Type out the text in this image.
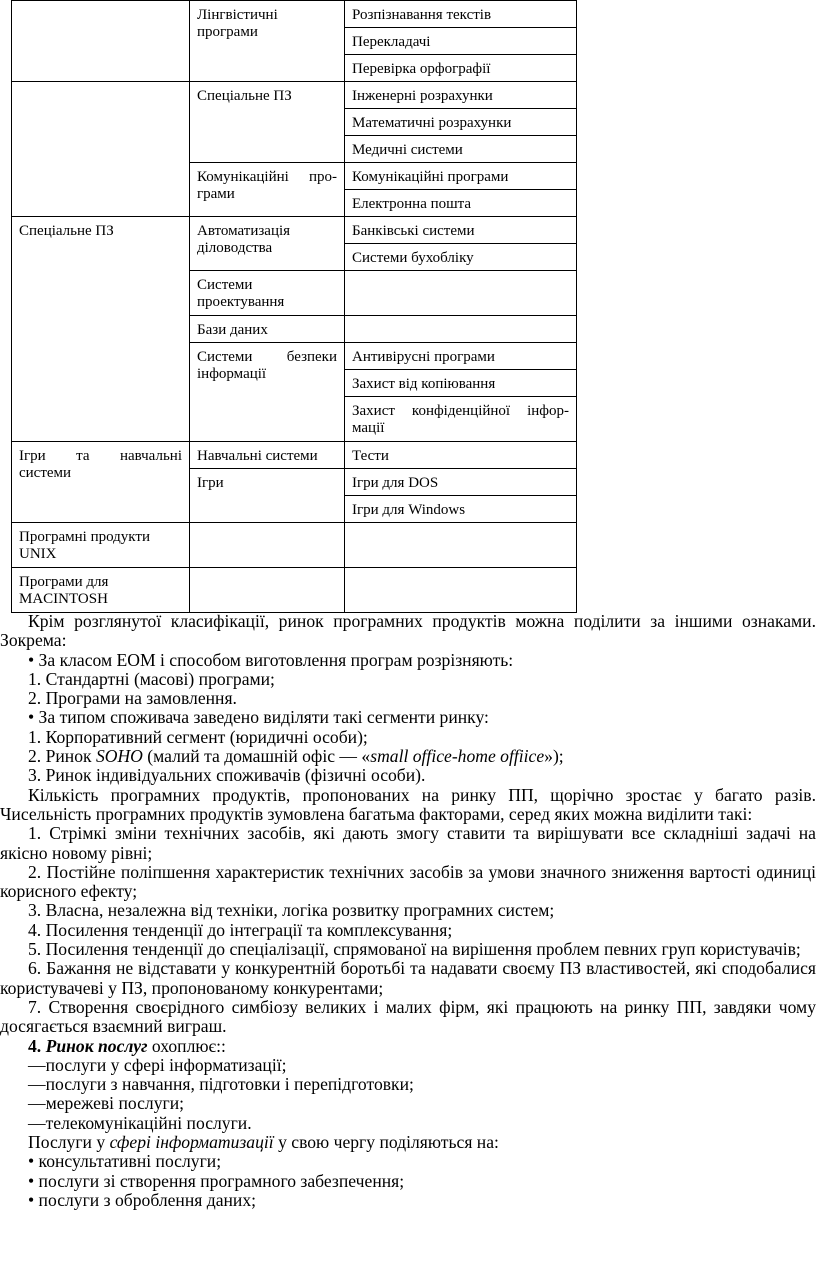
	Лінгвістичні програми	Розпізнавання текстів
		Перекладачі
		Перевірка орфографії
	Спеціальне ПЗ	Інженерні розрахунки
		Математичні розрахунки
		Медичні системи

	Комунікаційні про-грами	Комунікаційні програми
		Електронна пошта
Спеціальне ПЗ	Автоматизація діловодства	Банківські системи
		Системи бухобліку
	Системи проектування	
	Бази даних	

	Системи безпеки інформації	Антивірусні програми
		Захист від копіювання

		Захист конфіденційної інфор-мації

Ігри та навчальні системи	Навчальні системи	Тести
	Ігри	Ігри для DOS
		Ігри для Windows
Програмні продукти UNIX		
Програми для MACINTOSH		

Крім розглянутої класифікації, ринок програмних продуктів можна поділити за іншими ознаками. Зокрема:

• За класом ЕОМ і способом виготовлення програм розрізняють:

1. Стандартні (масові) програми;

2. Програми на замовлення.

• За типом споживача заведено виділяти такі сегменти ринку:

1. Корпоративний сегмент (юридичні особи);

2. Ринок SOHO (малий та домашній офіс — «small office-home offiice»);

3. Ринок індивідуальних споживачів (фізичні особи).

Кількість програмних продуктів, пропонованих на ринку ПП, щорічно зростає у багато разів. Чисельність програмних продуктів зумовлена багатьма факторами, серед яких можна виділити такі:

1. Стрімкі зміни технічних засобів, які дають змогу ставити та вирішувати все складніші задачі на якісно новому рівні;

2. Постійне поліпшення характеристик технічних засобів за умови значного зниження вартості одиниці корисного ефекту;

3. Власна, незалежна від техніки, логіка розвитку програмних систем;

4. Посилення тенденції до інтеграції та комплексування;

5. Посилення тенденції до спеціалізації, спрямованої на вирішення проблем певних груп користувачів;

6. Бажання не відставати у конкурентній боротьбі та надавати своєму ПЗ властивостей, які сподобалися користувачеві у ПЗ, пропонованому конкурентами;

7. Створення своєрідного симбіозу великих і малих фірм, які працюють на ринку ПП, завдяки чому досягається взаємний виграш.

4. Ринок послуг охоплює::

—послуги у сфері інформатизації;

—послуги з навчання, підготовки і перепідготовки;

—мережеві послуги;

—телекомунікаційні послуги.

Послуги у сфері інформатизації у свою чергу поділяються на:

• консультативні послуги;

• послуги зі створення програмного забезпечення;

• послуги з оброблення даних;
